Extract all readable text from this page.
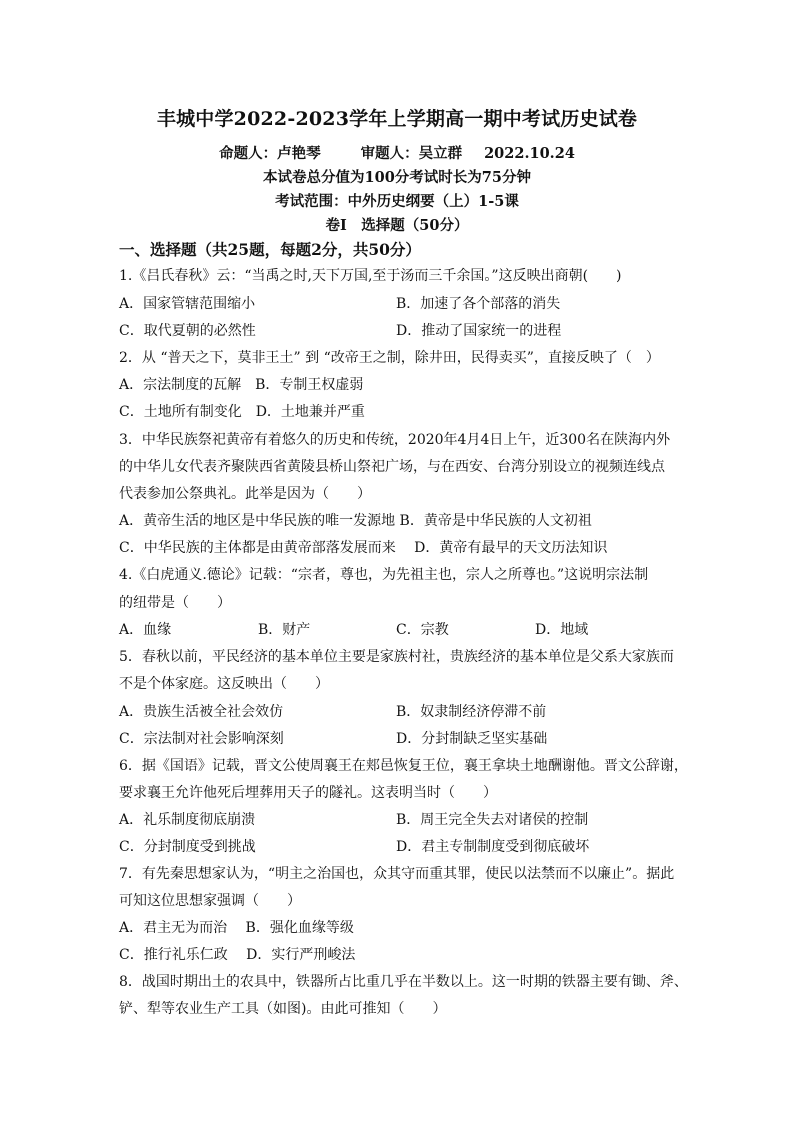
丰城中学2022-2023学年上学期高一期中考试历史试卷
命题人：卢艳琴	审题人：吴立群 2022.10.24
本试卷总分值为100分考试时长为75分钟
考试范围：中外历史纲要（上）1-5课
卷Ⅰ　选择题（50分）
一、选择题（共25题，每题2分，共50分）
1.《吕氏春秋》云：“当禹之时,天下万国,至于汤而三千余国。”这反映出商朝(　　)
A．国家管辖范围缩小	B．加速了各个部落的消失
C．取代夏朝的必然性	D．推动了国家统一的进程
2．从 “普天之下，莫非王土” 到 “改帝王之制，除井田，民得卖买”，直接反映了（　）
A．宗法制度的瓦解　B．专制王权虚弱
C．土地所有制变化　D．土地兼并严重
3．中华民族祭祀黄帝有着悠久的历史和传统，2020年4月4日上午，近300名在陕海内外
的中华儿女代表齐聚陕西省黄陵县桥山祭祀广场，与在西安、台湾分别设立的视频连线点
代表参加公祭典礼。此举是因为（　　）
A．黄帝生活的地区是中华民族的唯一发源地 B．黄帝是中华民族的人文初祖
C．中华民族的主体都是由黄帝部落发展而来　 D．黄帝有最早的天文历法知识
4.《白虎通义.德论》记载：“宗者，尊也，为先祖主也，宗人之所尊也。”这说明宗法制
的纽带是（　　）
A．血缘	B．财产	C．宗教	D．地域
5．春秋以前，平民经济的基本单位主要是家族村社，贵族经济的基本单位是父系大家族而
不是个体家庭。这反映出（　　）
A．贵族生活被全社会效仿	B．奴隶制经济停滞不前
C．宗法制对社会影响深刻	D．分封制缺乏坚实基础
6．据《国语》记载，晋文公使周襄王在郏邑恢复王位，襄王拿块土地酬谢他。晋文公辞谢，
要求襄王允许他死后埋葬用天子的隧礼。这表明当时（　　）
A．礼乐制度彻底崩溃	B．周王完全失去对诸侯的控制
C．分封制度受到挑战	D．君主专制制度受到彻底破坏
7．有先秦思想家认为，“明主之治国也，众其守而重其罪，使民以法禁而不以廉止”。据此
可知这位思想家强调（　　）
A．君主无为而治　 B．强化血缘等级
C．推行礼乐仁政　 D．实行严刑峻法
8．战国时期出土的农具中，铁器所占比重几乎在半数以上。这一时期的铁器主要有锄、斧、
铲、犁等农业生产工具（如图)。由此可推知（　　）
